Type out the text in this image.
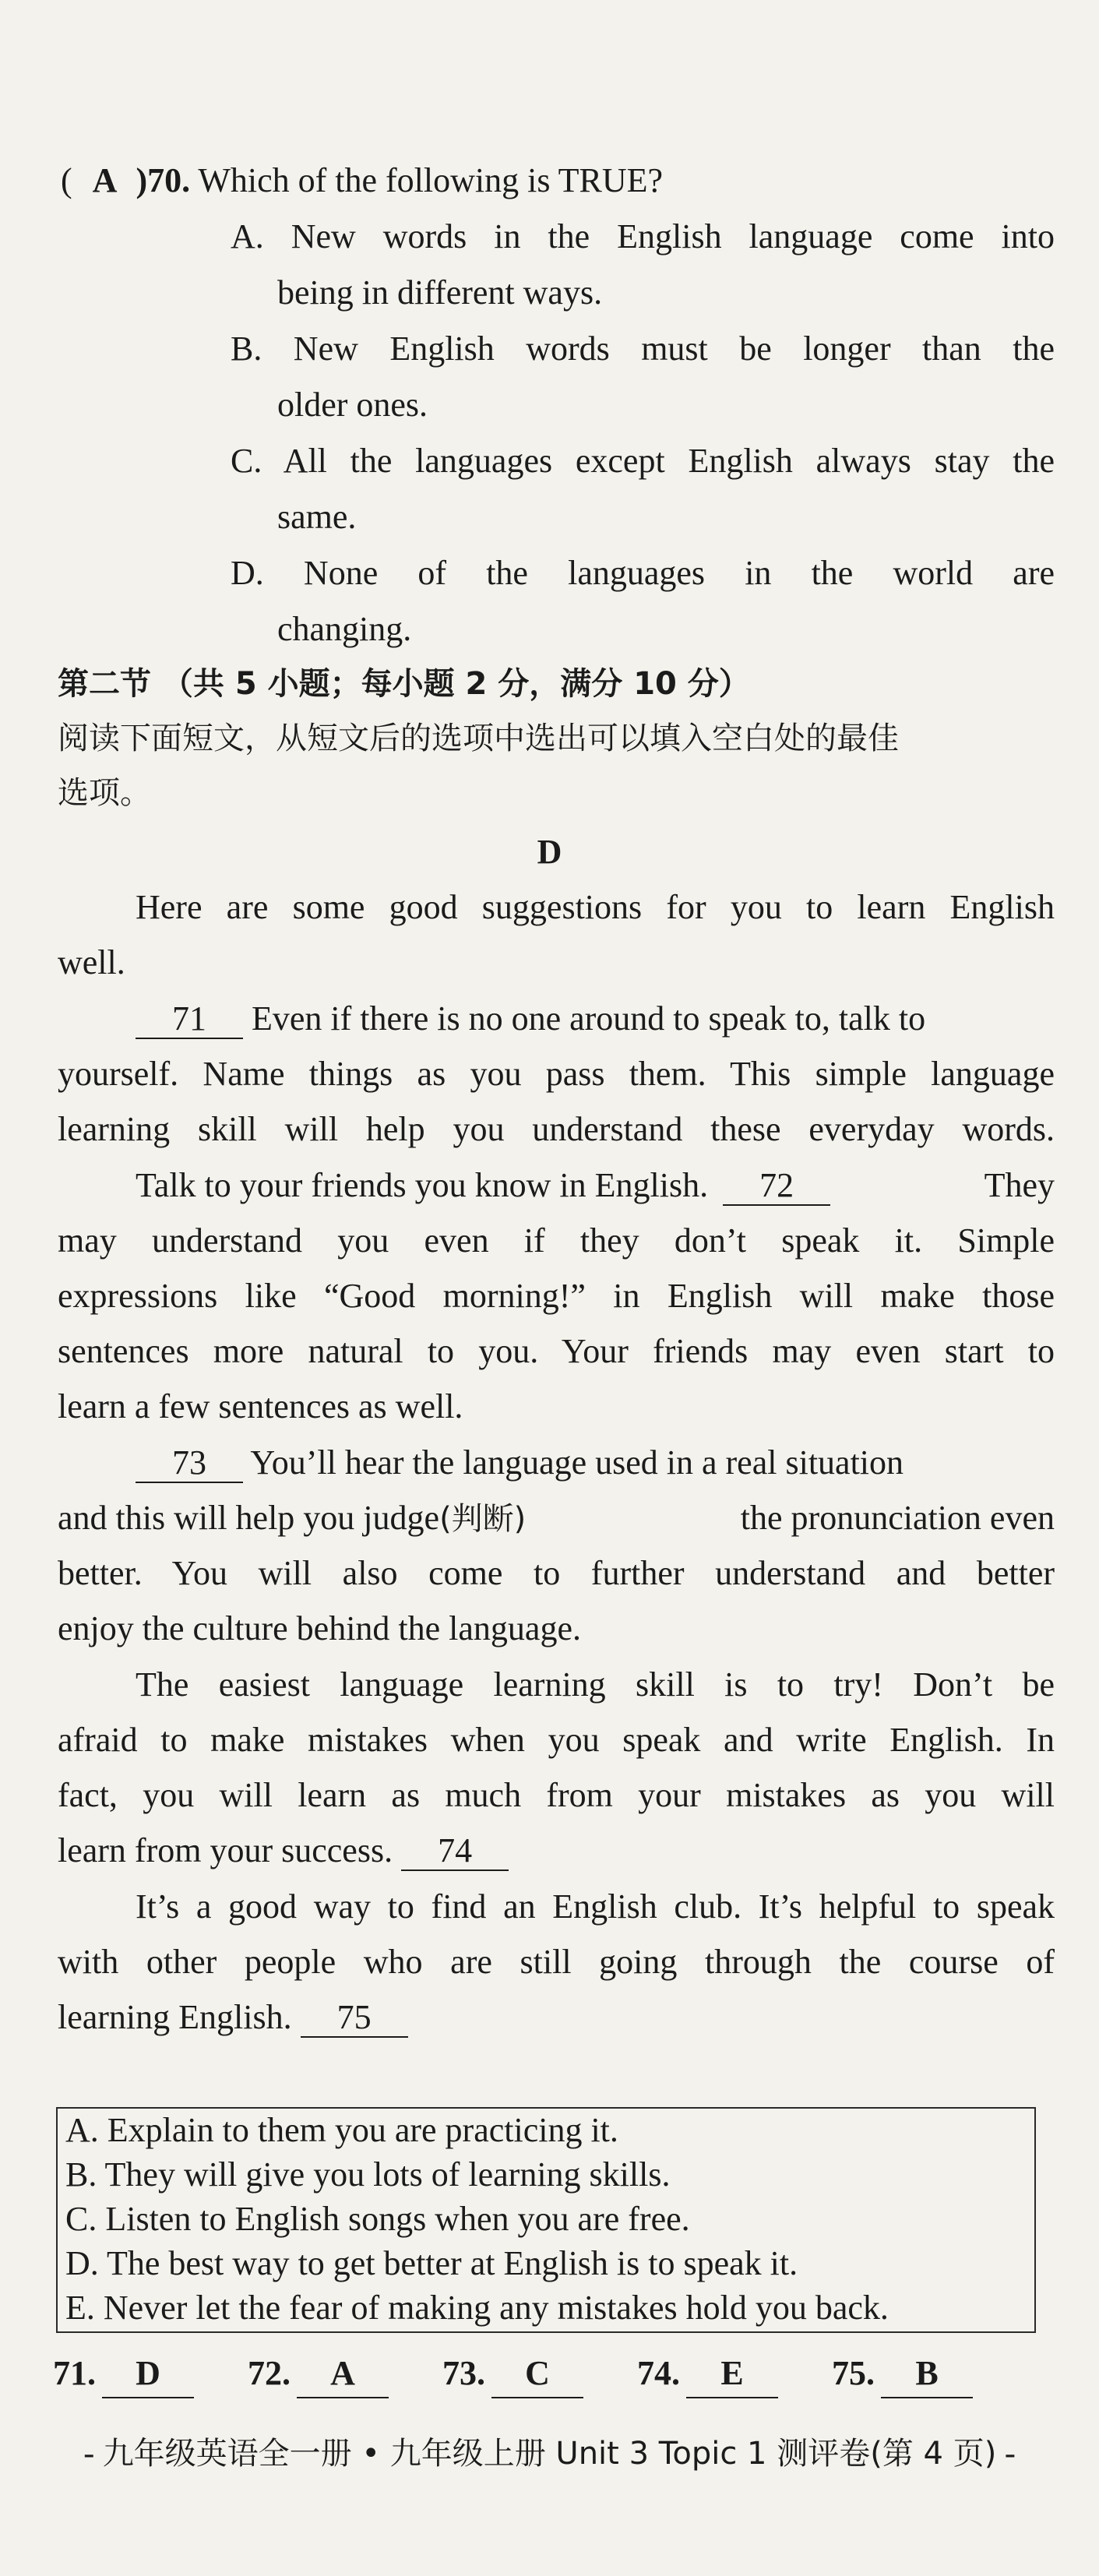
( A )70. Which of the following is TRUE?
A. New words in the English language come into
being in different ways.
B. New English words must be longer than the
older ones.
C. All the languages except English always stay the
same.
D. None of the languages in the world are
changing.
第二节 （共 5 小题；每小题 2 分，满分 10 分）
阅读下面短文，从短文后的选项中选出可以填入空白处的最佳
选项。
D
Here are some good suggestions for you to learn English
well.
71 Even if there is no one around to speak to, talk to
yourself. Name things as you pass them. This simple language
learning skill will help you understand these everyday words.
Talk to your friends you know in English. 72	They
may understand you even if they don’t speak it. Simple
expressions like “Good morning!” in English will make those
sentences more natural to you. Your friends may even start to
learn a few sentences as well.
73 You’ll hear the language used in a real situation
and this will help you judge(判断)	the pronunciation even
better. You will also come to further understand and better
enjoy the culture behind the language.
The easiest language learning skill is to try! Don’t be
afraid to make mistakes when you speak and write English. In
fact, you will learn as much from your mistakes as you will
learn from your success. 74
It’s a good way to find an English club. It’s helpful to speak
with other people who are still going through the course of
learning English. 75
A. Explain to them you are practicing it.
B. They will give you lots of learning skills.
C. Listen to English songs when you are free.
D. The best way to get better at English is to speak it.
E. Never let the fear of making any mistakes hold you back.
71. D	72. A	73. C	74. E	75. B
- 九年级英语全一册 • 九年级上册 Unit 3 Topic 1 测评卷(第 4 页) -
